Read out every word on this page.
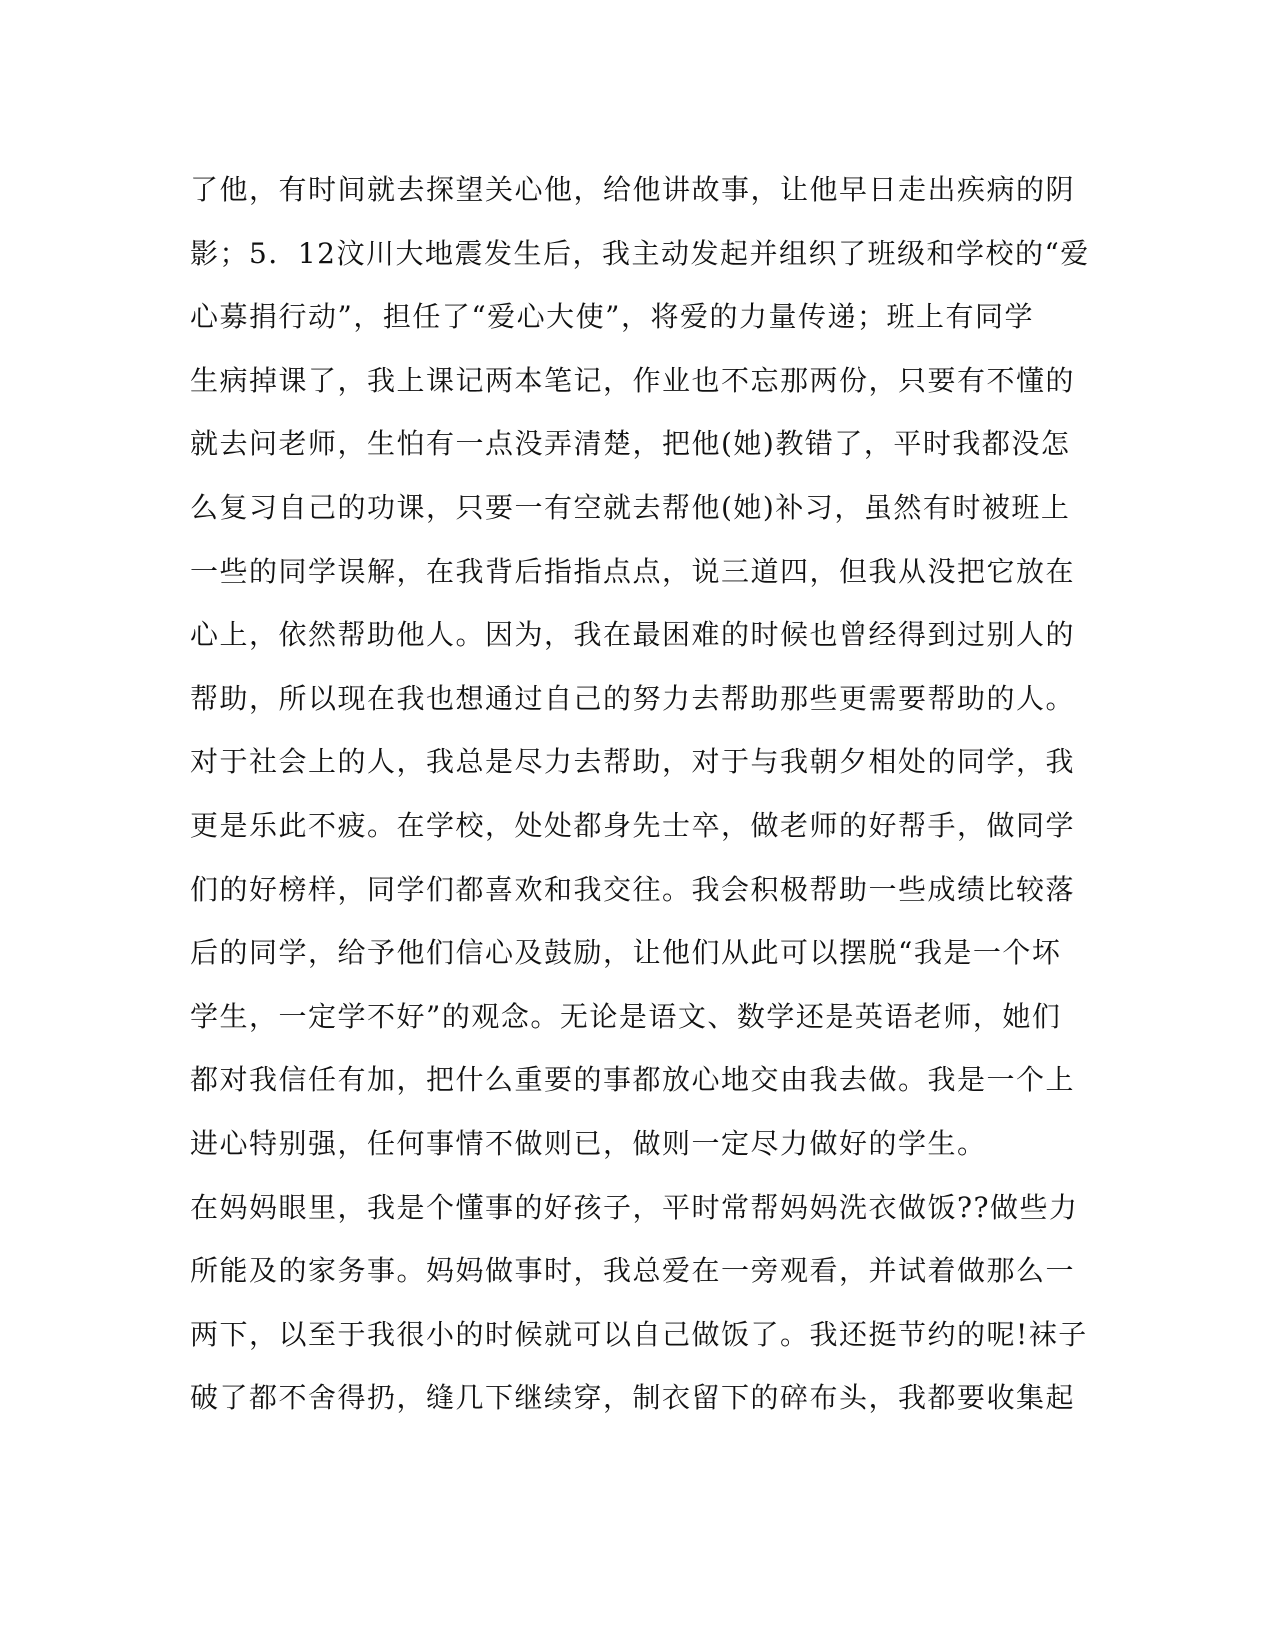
了他，有时间就去探望关心他，给他讲故事，让他早日走出疾病的阴
影；5．12汶川大地震发生后，我主动发起并组织了班级和学校的“爱
心募捐行动”，担任了“爱心大使”，将爱的力量传递；班上有同学
生病掉课了，我上课记两本笔记，作业也不忘那两份，只要有不懂的
就去问老师，生怕有一点没弄清楚，把他(她)教错了，平时我都没怎
么复习自己的功课，只要一有空就去帮他(她)补习，虽然有时被班上
一些的同学误解，在我背后指指点点，说三道四，但我从没把它放在
心上，依然帮助他人。因为，我在最困难的时候也曾经得到过别人的
帮助，所以现在我也想通过自己的努力去帮助那些更需要帮助的人。
对于社会上的人，我总是尽力去帮助，对于与我朝夕相处的同学，我
更是乐此不疲。在学校，处处都身先士卒，做老师的好帮手，做同学
们的好榜样，同学们都喜欢和我交往。我会积极帮助一些成绩比较落
后的同学，给予他们信心及鼓励，让他们从此可以摆脱“我是一个坏
学生，一定学不好”的观念。无论是语文、数学还是英语老师，她们
都对我信任有加，把什么重要的事都放心地交由我去做。我是一个上
进心特别强，任何事情不做则已，做则一定尽力做好的学生。
在妈妈眼里，我是个懂事的好孩子，平时常帮妈妈洗衣做饭??做些力
所能及的家务事。妈妈做事时，我总爱在一旁观看，并试着做那么一
两下，以至于我很小的时候就可以自己做饭了。我还挺节约的呢!袜子
破了都不舍得扔，缝几下继续穿，制衣留下的碎布头，我都要收集起
